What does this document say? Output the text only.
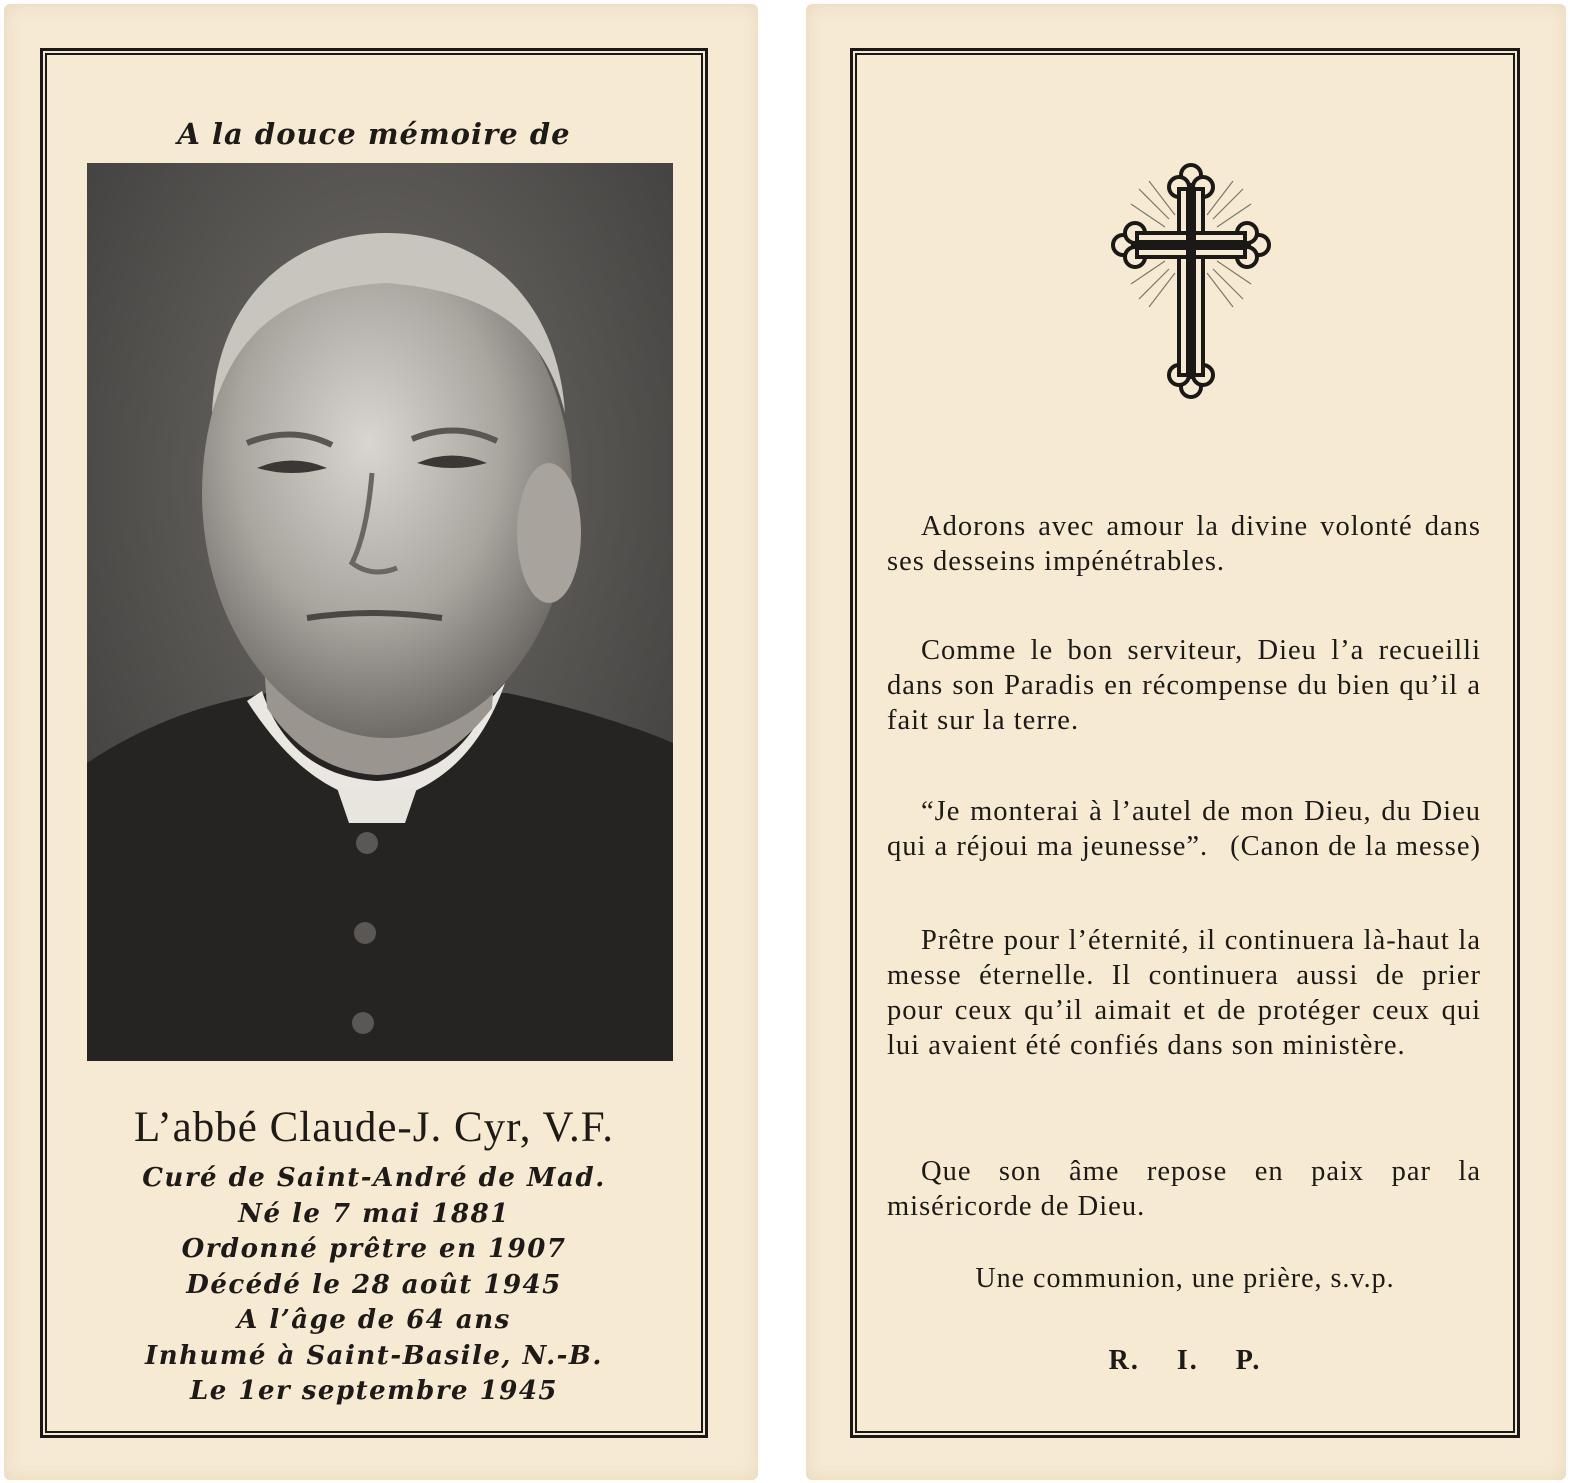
A la douce mémoire de
L’abbé Claude-J. Cyr, V.F.
Curé de Saint-André de Mad.
Né le 7 mai 1881
Ordonné prêtre en 1907
Décédé le 28 août 1945
A l’âge de 64 ans
Inhumé à Saint-Basile, N.-B.
Le 1er septembre 1945
Adorons avec amour la divine volonté dans ses desseins impénétrables.
Comme le bon serviteur, Dieu l’a recueilli dans son Paradis en récompense du bien qu’il a fait sur la terre.
“Je monterai à l’autel de mon Dieu, du Dieu qui a réjoui ma jeunesse”. (Canon de la messe)
Prêtre pour l’éternité, il continuera là-haut la messe éternelle. Il continuera aussi de prier pour ceux qu’il aimait et de protéger ceux qui lui avaient été confiés dans son ministère.
Que son âme repose en paix par la miséricorde de Dieu.
Une communion, une prière, s.v.p.
R. I. P.
